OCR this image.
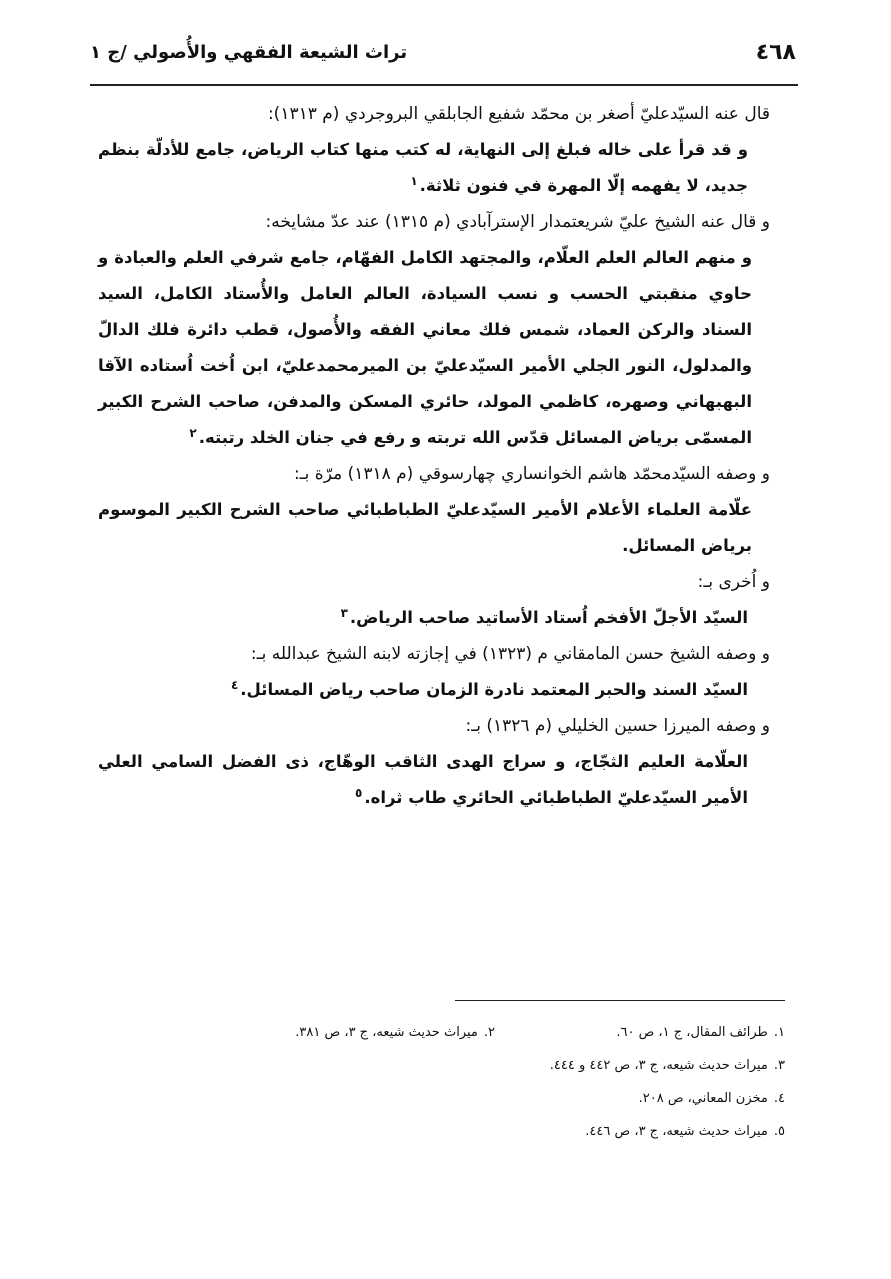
٤٦٨
تراث الشيعة الفقهي والأُصولي /ج ١

قال عنه السيّدعليّ أصغر بن محمّد شفيع الجابلقي البروجردي (م ١٣١٣):

و قد قرأ على خاله فبلغ إلى النهاية، له كتب منها كتاب الرياض، جامع للأدلّة بنظم جديد، لا يفهمه إلّا المهرة في فنون ثلاثة.$^١$

و قال عنه الشيخ عليّ شريعتمدار الإسترآبادي (م ١٣١٥) عند عدّ مشايخه:

و منهم العالم العلم العلّام، والمجتهد الكامل الفهّام، جامع شرفي العلم والعبادة و حاوي منقبتي الحسب و نسب السيادة، العالم العامل والأُستاد الكامل، السيد السناد والركن العماد، شمس فلك معاني الفقه والأُصول، قطب دائرة فلك الدالّ والمدلول، النور الجلي الأمير السيّدعليّ بن الميرمحمدعليّ، ابن اُخت اُستاده الآقا البهبهاني وصهره، كاظمي المولد، حائري المسكن والمدفن، صاحب الشرح الكبير المسمّى برياض المسائل قدّس الله تربته و رفع في جنان الخلد رتبته.$^٢$

و وصفه السيّدمحمّد هاشم الخوانساري چهارسوقي (م ١٣١٨) مرّة بـ:

علّامة العلماء الأعلام الأمير السيّدعليّ الطباطبائي صاحب الشرح الكبير الموسوم برياض المسائل.

و اُخرى بـ:

السيّد الأجلّ الأفخم اُستاد الأساتيد صاحب الرياض.$^٣$

و وصفه الشيخ حسن المامقاني م (١٣٢٣) في إجازته لابنه الشيخ عبدالله بـ:

السيّد السند والحبر المعتمد نادرة الزمان صاحب رياض المسائل.$^٤$

و وصفه الميرزا حسين الخليلي (م ١٣٢٦) بـ:

العلّامة العليم الثجّاج، و سراج الهدى الثاقب الوهّاج، ذى الفضل السامي العلي الأمير السيّدعليّ الطباطبائي الحائري طاب ثراه.$^٥$

١.طرائف المقال، ج ١، ص ٦٠.
٢.ميراث حديث شيعه، ج ٣، ص ٣٨١.
٣.ميراث حديث شيعه، ج ٣، ص ٤٤٢ و ٤٤٤.
٤.مخزن المعاني، ص ٢٠٨.
٥.ميراث حديث شيعه، ج ٣، ص ٤٤٦.
